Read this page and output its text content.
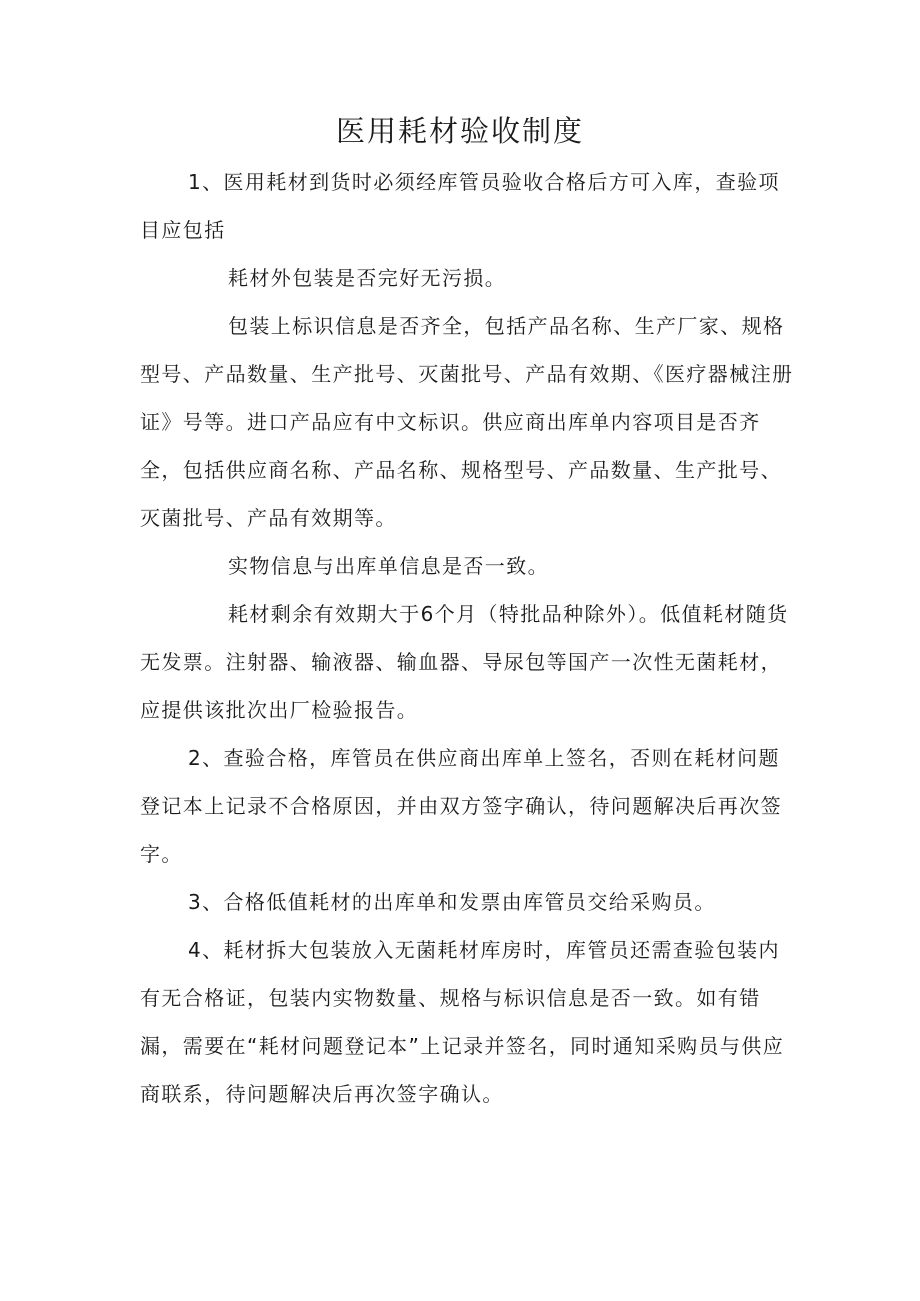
医用耗材验收制度

1、医用耗材到货时必须经库管员验收合格后方可入库，查验项目应包括

耗材外包装是否完好无污损。

包装上标识信息是否齐全，包括产品名称、生产厂家、规格型号、产品数量、生产批号、灭菌批号、产品有效期、《医疗器械注册证》号等。进口产品应有中文标识。供应商出库单内容项目是否齐全，包括供应商名称、产品名称、规格型号、产品数量、生产批号、灭菌批号、产品有效期等。

实物信息与出库单信息是否一致。

耗材剩余有效期大于6个月（特批品种除外）。低值耗材随货无发票。注射器、输液器、输血器、导尿包等国产一次性无菌耗材，应提供该批次出厂检验报告。

2、查验合格，库管员在供应商出库单上签名，否则在耗材问题登记本上记录不合格原因，并由双方签字确认，待问题解决后再次签字。

3、合格低值耗材的出库单和发票由库管员交给采购员。

4、耗材拆大包装放入无菌耗材库房时，库管员还需查验包装内有无合格证，包装内实物数量、规格与标识信息是否一致。如有错漏，需要在“耗材问题登记本”上记录并签名，同时通知采购员与供应商联系，待问题解决后再次签字确认。
